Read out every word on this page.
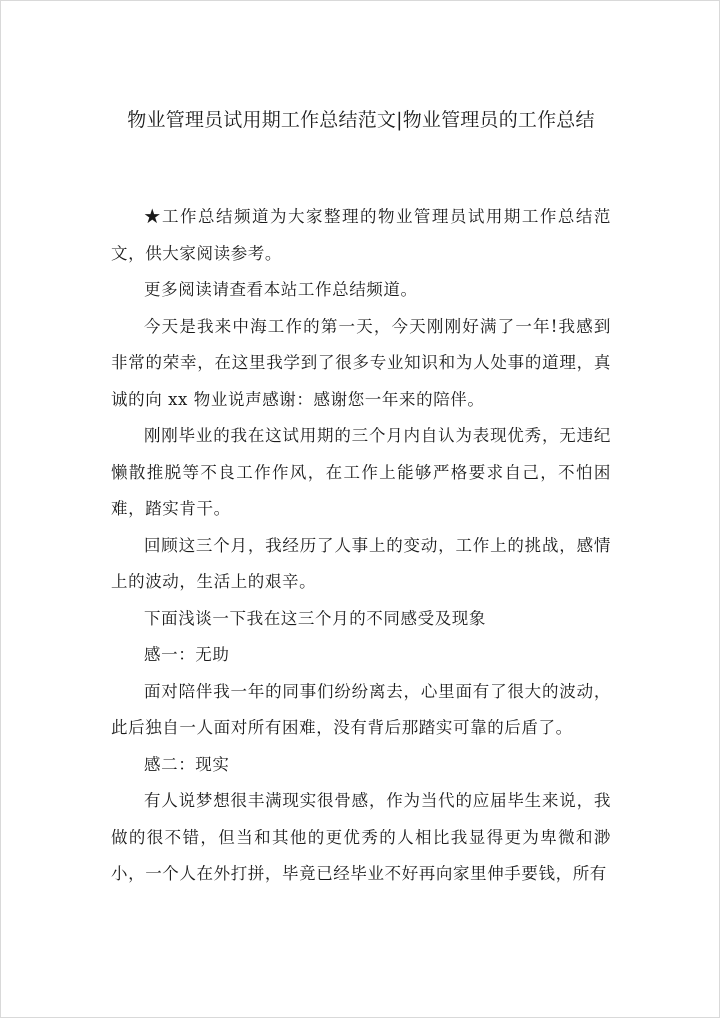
物业管理员试用期工作总结范文|物业管理员的工作总结

★工作总结频道为大家整理的物业管理员试用期工作总结范文，供大家阅读参考。

更多阅读请查看本站工作总结频道。

今天是我来中海工作的第一天，今天刚刚好满了一年!我感到非常的荣幸，在这里我学到了很多专业知识和为人处事的道理，真诚的向 xx 物业说声感谢：感谢您一年来的陪伴。

刚刚毕业的我在这试用期的三个月内自认为表现优秀，无违纪懒散推脱等不良工作作风，在工作上能够严格要求自己，不怕困难，踏实肯干。

回顾这三个月，我经历了人事上的变动，工作上的挑战，感情上的波动，生活上的艰辛。

下面浅谈一下我在这三个月的不同感受及现象

感一：无助

面对陪伴我一年的同事们纷纷离去，心里面有了很大的波动，此后独自一人面对所有困难，没有背后那踏实可靠的后盾了。

感二：现实

有人说梦想很丰满现实很骨感，作为当代的应届毕生来说，我做的很不错，但当和其他的更优秀的人相比我显得更为卑微和渺小，一个人在外打拼，毕竟已经毕业不好再向家里伸手要钱，所有
